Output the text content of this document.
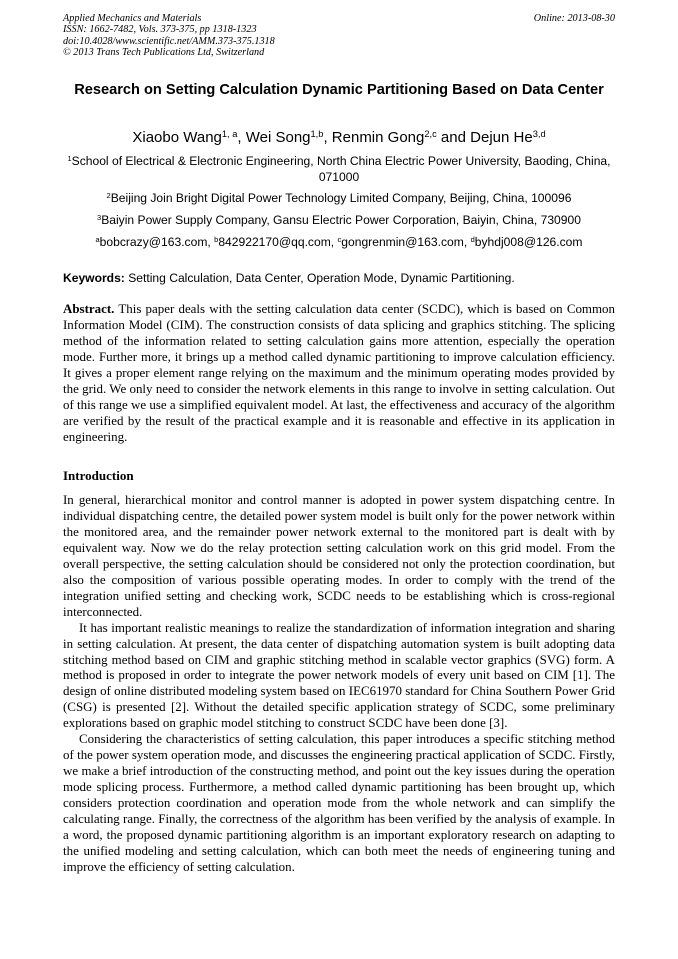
Applied Mechanics and Materials
ISSN: 1662-7482, Vols. 373-375, pp 1318-1323
doi:10.4028/www.scientific.net/AMM.373-375.1318
© 2013 Trans Tech Publications Ltd, Switzerland
Online: 2013-08-30
Research on Setting Calculation Dynamic Partitioning Based on Data Center
Xiaobo Wang$^{1, a}$, Wei Song$^{1,b}$, Renmin Gong$^{2,c}$ and Dejun He$^{3,d}$
$^1$School of Electrical & Electronic Engineering, North China Electric Power University, Baoding, China, 071000
$^2$Beijing Join Bright Digital Power Technology Limited Company, Beijing, China, 100096
$^3$Baiyin Power Supply Company, Gansu Electric Power Corporation, Baiyin, China, 730900
$^a$bobcrazy@163.com, $^b$842922170@qq.com, $^c$gongrenmin@163.com, $^d$byhdj008@126.com
Keywords: Setting Calculation, Data Center, Operation Mode, Dynamic Partitioning.
Abstract. This paper deals with the setting calculation data center (SCDC), which is based on Common Information Model (CIM). The construction consists of data splicing and graphics stitching. The splicing method of the information related to setting calculation gains more attention, especially the operation mode. Further more, it brings up a method called dynamic partitioning to improve calculation efficiency. It gives a proper element range relying on the maximum and the minimum operating modes provided by the grid. We only need to consider the network elements in this range to involve in setting calculation. Out of this range we use a simplified equivalent model. At last, the effectiveness and accuracy of the algorithm are verified by the result of the practical example and it is reasonable and effective in its application in engineering.
Introduction

In general, hierarchical monitor and control manner is adopted in power system dispatching centre. In individual dispatching centre, the detailed power system model is built only for the power network within the monitored area, and the remainder power network external to the monitored part is dealt with by equivalent way. Now we do the relay protection setting calculation work on this grid model. From the overall perspective, the setting calculation should be considered not only the protection coordination, but also the composition of various possible operating modes. In order to comply with the trend of the integration unified setting and checking work, SCDC needs to be establishing which is cross-regional interconnected.

It has important realistic meanings to realize the standardization of information integration and sharing in setting calculation. At present, the data center of dispatching automation system is built adopting data stitching method based on CIM and graphic stitching method in scalable vector graphics (SVG) form. A method is proposed in order to integrate the power network models of every unit based on CIM [1]. The design of online distributed modeling system based on IEC61970 standard for China Southern Power Grid (CSG) is presented [2]. Without the detailed specific application strategy of SCDC, some preliminary explorations based on graphic model stitching to construct SCDC have been done [3].

Considering the characteristics of setting calculation, this paper introduces a specific stitching method of the power system operation mode, and discusses the engineering practical application of SCDC. Firstly, we make a brief introduction of the constructing method, and point out the key issues during the operation mode splicing process. Furthermore, a method called dynamic partitioning has been brought up, which considers protection coordination and operation mode from the whole network and can simplify the calculating range. Finally, the correctness of the algorithm has been verified by the analysis of example. In a word, the proposed dynamic partitioning algorithm is an important exploratory research on adapting to the unified modeling and setting calculation, which can both meet the needs of engineering tuning and improve the efficiency of setting calculation.
